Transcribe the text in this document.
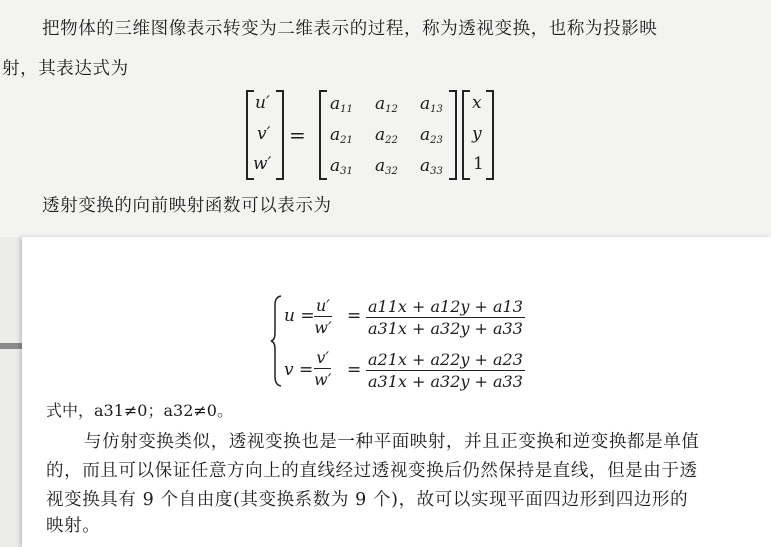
把物体的三维图像表示转变为二维表示的过程，称为透视变换，也称为投影映
射，其表达式为
u′
v′
w′
=
$a_{11}$ $a_{12}$ $a_{13}$
$a_{21}$ $a_{22}$ $a_{23}$
$a_{31}$ $a_{32}$ $a_{33}$
x
y
1
透射变换的向前映射函数可以表示为
$u = \frac{u'}{w'} = \frac{a11x + a12y + a13}{a31x + a32y + a33}$
$v = \frac{v'}{w'} = \frac{a21x + a22y + a23}{a31x + a32y + a33}$
式中，a31≠0；a32≠0。
与仿射变换类似，透视变换也是一种平面映射，并且正变换和逆变换都是单值
的，而且可以保证任意方向上的直线经过透视变换后仍然保持是直线，但是由于透
视变换具有 9 个自由度(其变换系数为 9 个)，故可以实现平面四边形到四边形的
映射。
